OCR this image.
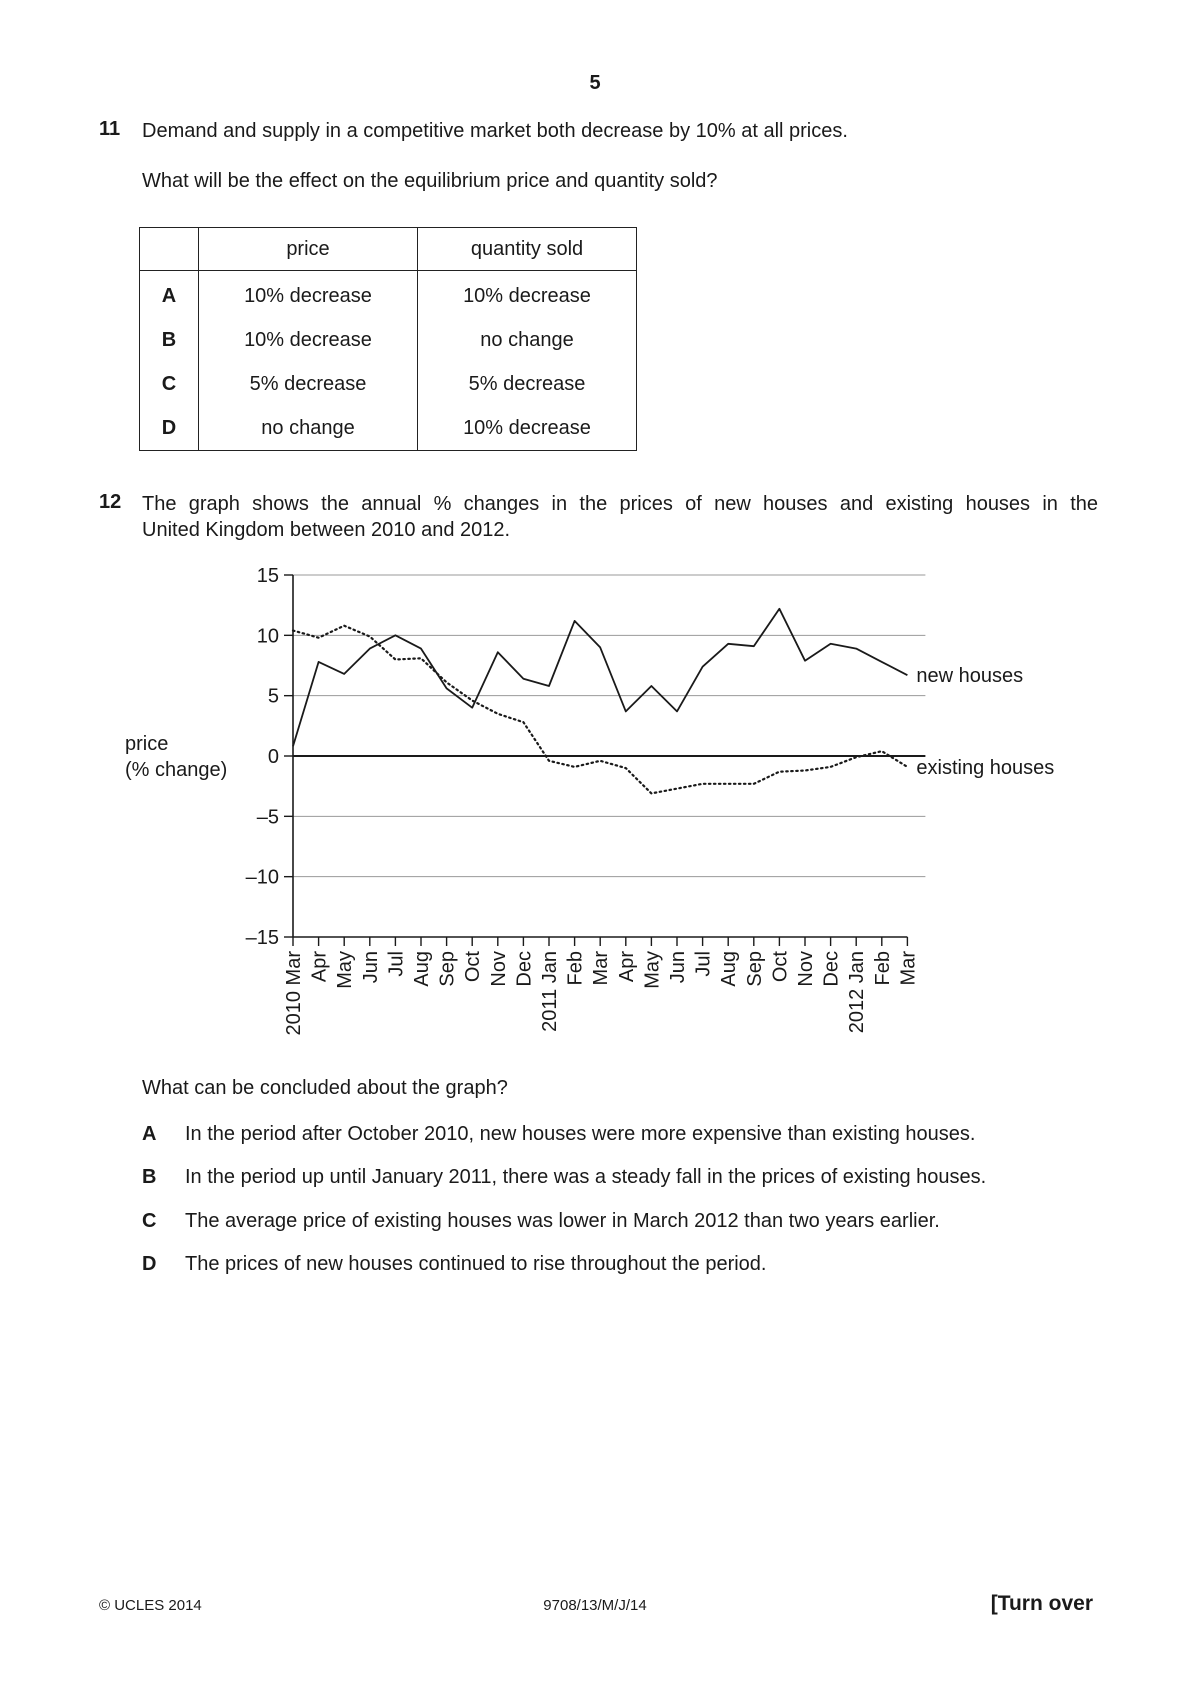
5
11 Demand and supply in a competitive market both decrease by 10% at all prices.
What will be the effect on the equilibrium price and quantity sold?
	price	quantity sold
A	10% decrease	10% decrease
B	10% decrease	no change
C	5% decrease	5% decrease
D	no change	10% decrease
12 The graph shows the annual % changes in the prices of new houses and existing houses in the
United Kingdom between 2010 and 2012.
15
10
5
0
–5
–10
–15
2010 Mar Apr May Jun Jul Aug Sep Oct Nov Dec 2011 Jan Feb Mar Apr May Jun Jul Aug Sep Oct Nov Dec 2012 Jan Feb Mar
new houses
existing houses
price
(% change)
What can be concluded about the graph?
A In the period after October 2010, new houses were more expensive than existing houses.
B In the period up until January 2011, there was a steady fall in the prices of existing houses.
C The average price of existing houses was lower in March 2012 than two years earlier.
D The prices of new houses continued to rise throughout the period.
© UCLES 2014	9708/13/M/J/14	[Turn over
